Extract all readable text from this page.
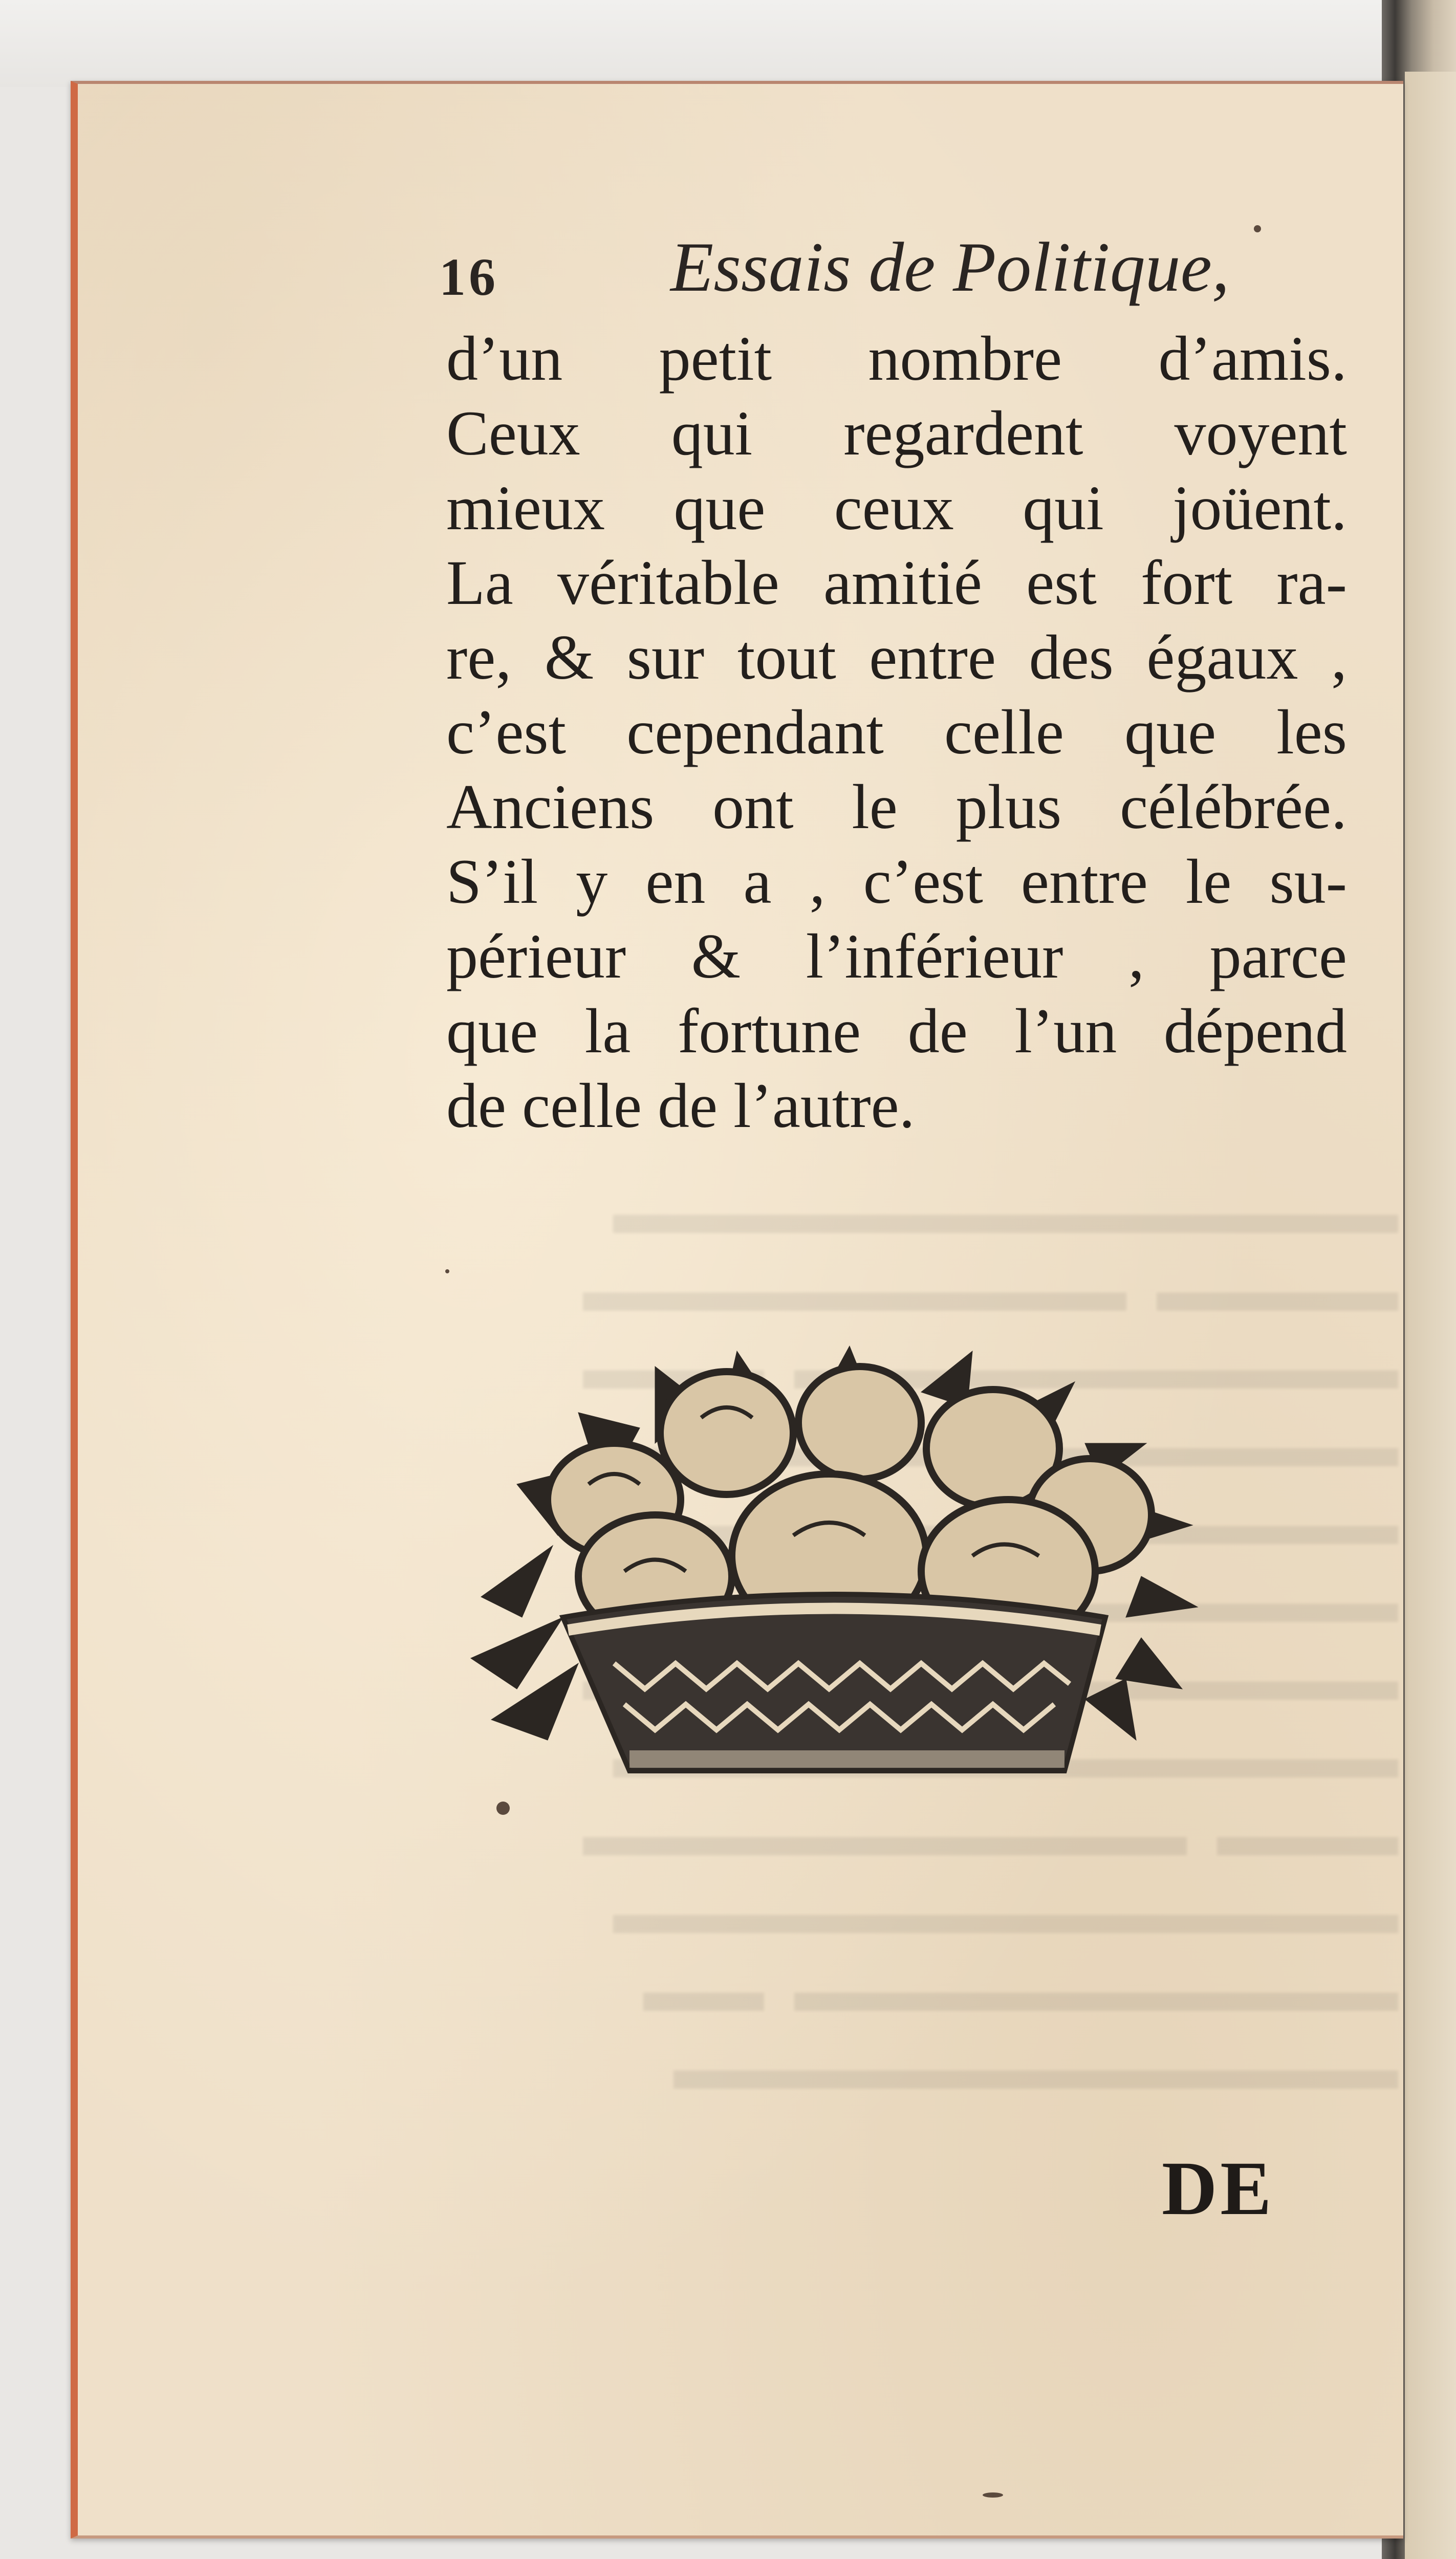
▬▬▬▬▬▬▬▬▬▬▬▬▬
▬▬▬▬  ▬▬▬▬▬▬▬▬▬
▬▬▬▬▬▬▬▬▬▬  ▬▬▬

▬▬▬▬▬

▬▬▬  ▬▬▬▬▬▬▬▬▬▬
▬▬▬▬▬▬▬▬▬▬▬▬▬
▬▬▬▬▬▬▬▬▬▬  ▬▬
▬▬▬▬▬▬▬▬▬▬▬▬
16 Essais de Politique,
d’un petit nombre d’amis.
Ceux qui regardent voyent
mieux que ceux qui joüent.
La véritable amitié est fort ra-
re, & sur tout entre des égaux ,
c’est cependant celle que les
Anciens ont le plus célébrée.
S’il y en a , c’est entre le su-
périeur & l’inférieur , parce
que la fortune de l’un dépend
de celle de l’autre.
DE
